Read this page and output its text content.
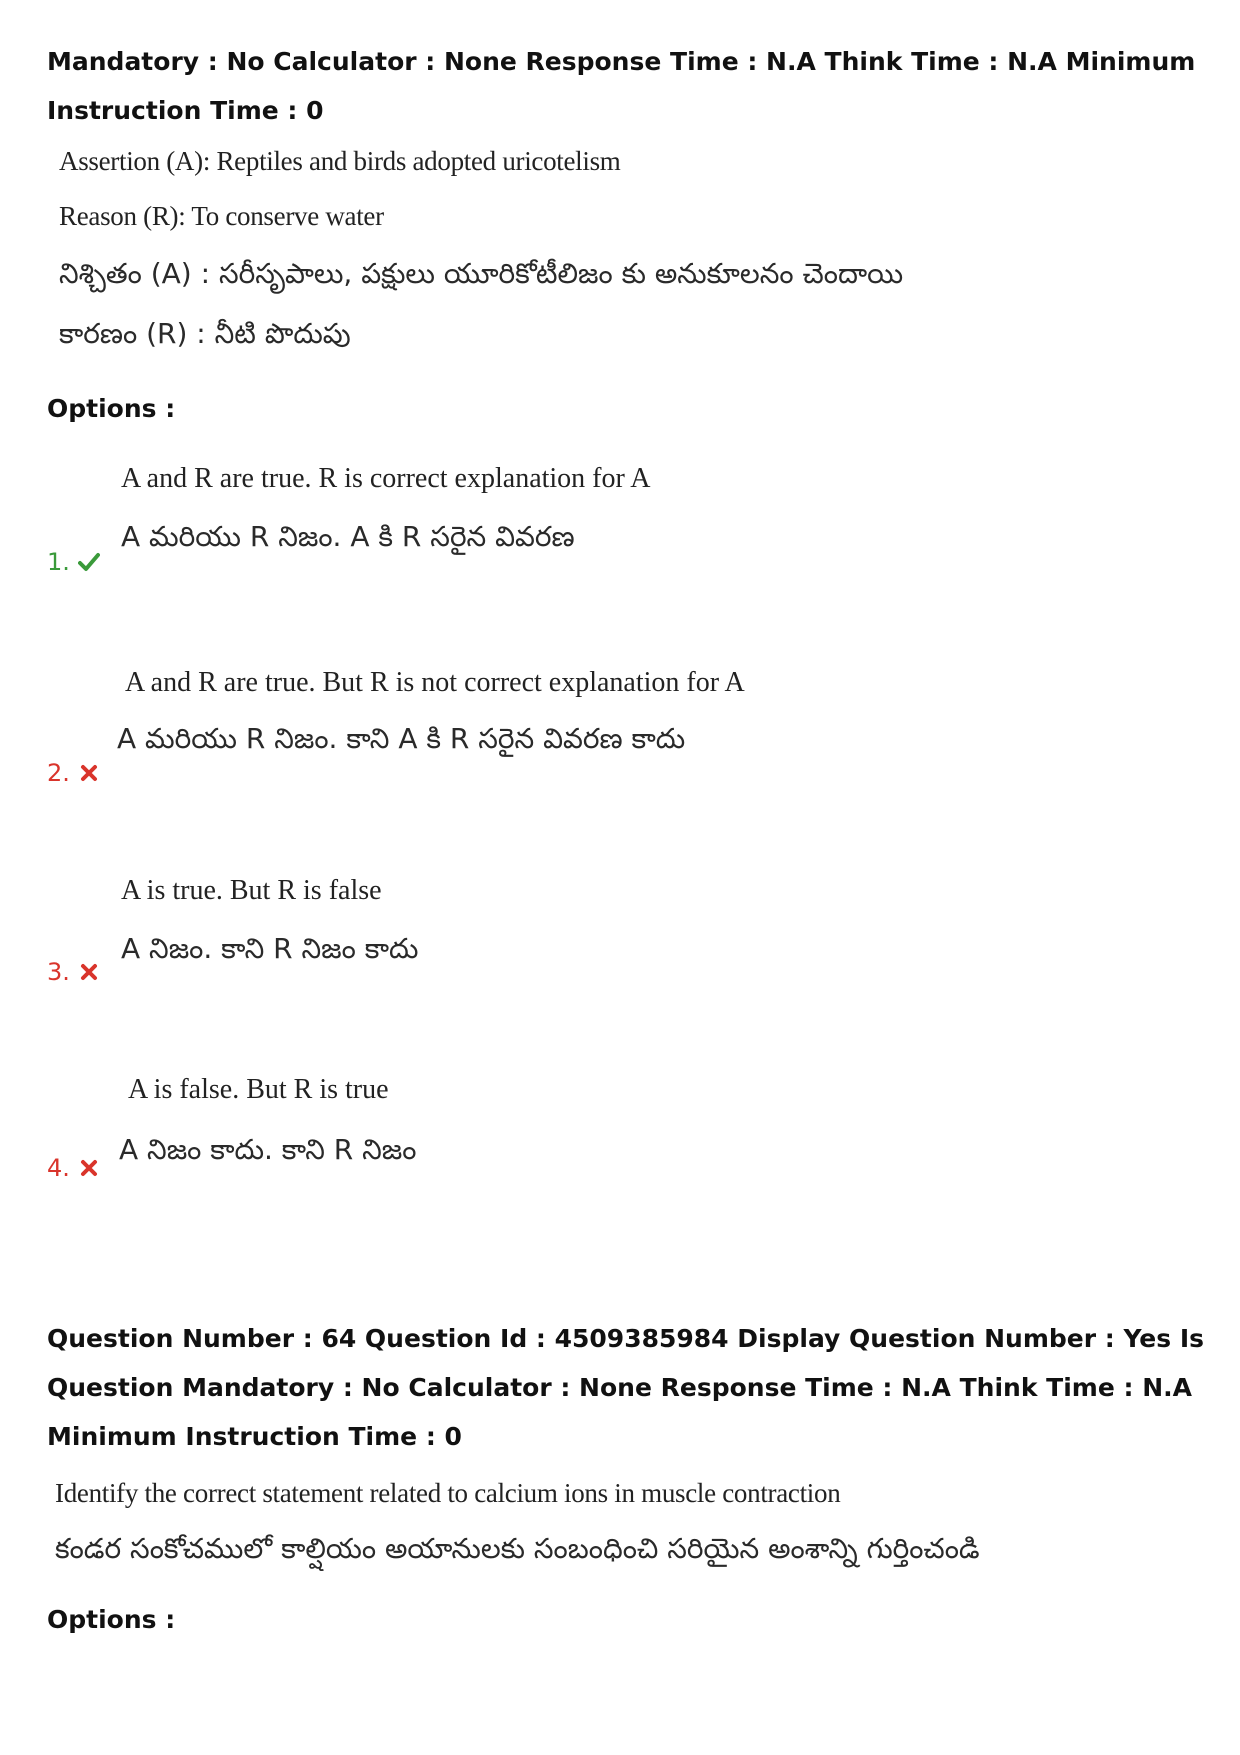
Mandatory : No Calculator : None Response Time : N.A Think Time : N.A Minimum Instruction Time : 0

Assertion (A): Reptiles and birds adopted uricotelism
Reason (R): To conserve water
నిశ్చితం (A) : సరీసృపాలు, పక్షులు యూరికోటీలిజం కు అనుకూలనం చెందాయి
కారణం (R) : నీటి పొదుపు
Options :
A and R are true. R is correct explanation for A
A మరియు R నిజం. A కి R సరైన వివరణ
1.
A and R are true. But R is not correct explanation for A
A మరియు R నిజం. కాని A కి R సరైన వివరణ కాదు
2.
A is true. But R is false
A నిజం. కాని R నిజం కాదు
3.
A is false. But R is true
A నిజం కాదు. కాని R నిజం
4.

Question Number : 64 Question Id : 4509385984 Display Question Number : Yes Is Question Mandatory : No Calculator : None Response Time : N.A Think Time : N.A Minimum Instruction Time : 0

Identify the correct statement related to calcium ions in muscle contraction
కండర సంకోచములో కాల్షియం అయానులకు సంబంధించి సరియైన అంశాన్ని గుర్తించండి
Options :
